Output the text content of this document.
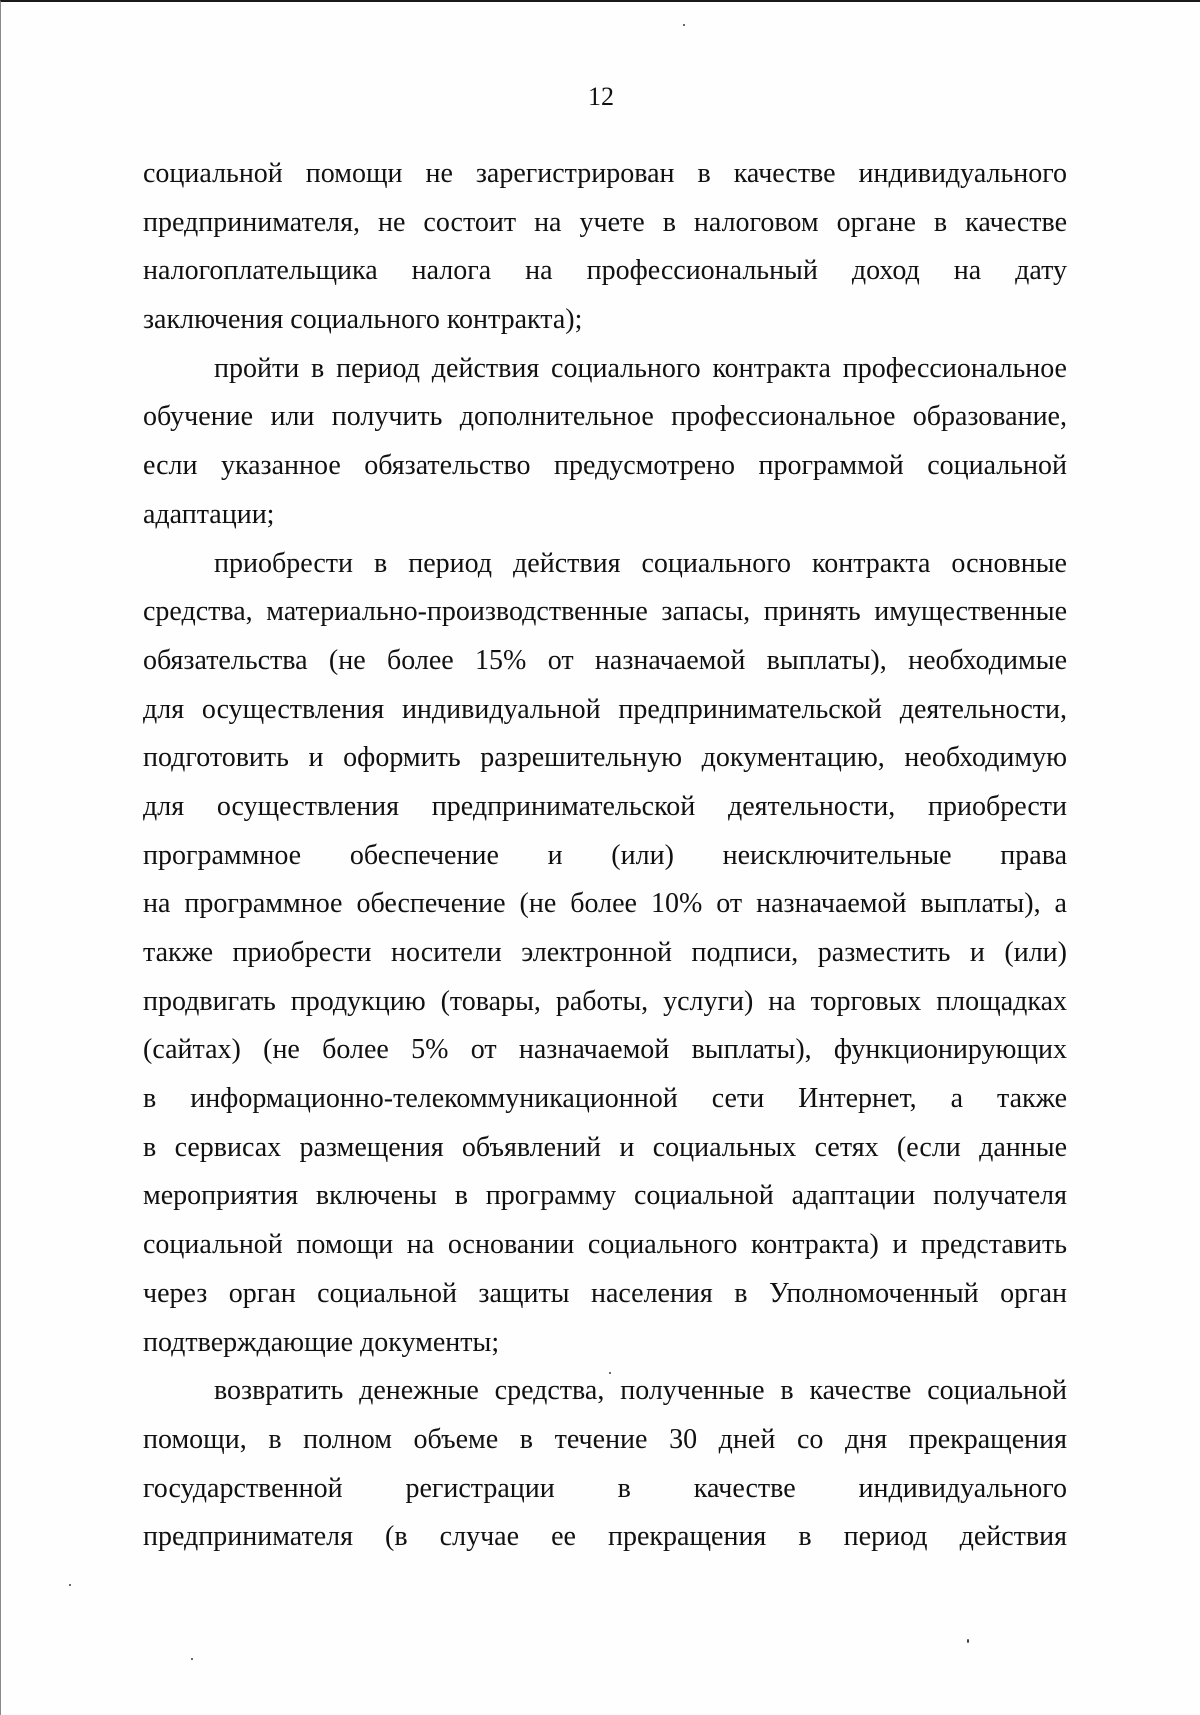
12
социальной помощи не зарегистрирован в качестве индивидуального
предпринимателя, не состоит на учете в налоговом органе в качестве
налогоплательщика налога на профессиональный доход на дату
заключения социального контракта);
пройти в период действия социального контракта профессиональное
обучение или получить дополнительное профессиональное образование,
если указанное обязательство предусмотрено программой социальной
адаптации;
приобрести в период действия социального контракта основные
средства, материально-производственные запасы, принять имущественные
обязательства (не более 15% от назначаемой выплаты), необходимые
для осуществления индивидуальной предпринимательской деятельности,
подготовить и оформить разрешительную документацию, необходимую
для осуществления предпринимательской деятельности, приобрести
программное обеспечение и (или) неисключительные права
на программное обеспечение (не более 10% от назначаемой выплаты), а
также приобрести носители электронной подписи, разместить и (или)
продвигать продукцию (товары, работы, услуги) на торговых площадках
(сайтах) (не более 5% от назначаемой выплаты), функционирующих
в информационно-телекоммуникационной сети Интернет, а также
в сервисах размещения объявлений и социальных сетях (если данные
мероприятия включены в программу социальной адаптации получателя
социальной помощи на основании социального контракта) и представить
через орган социальной защиты населения в Уполномоченный орган
подтверждающие документы;
возвратить денежные средства, полученные в качестве социальной
помощи, в полном объеме в течение 30 дней со дня прекращения
государственной регистрации в качестве индивидуального
предпринимателя (в случае ее прекращения в период действия
